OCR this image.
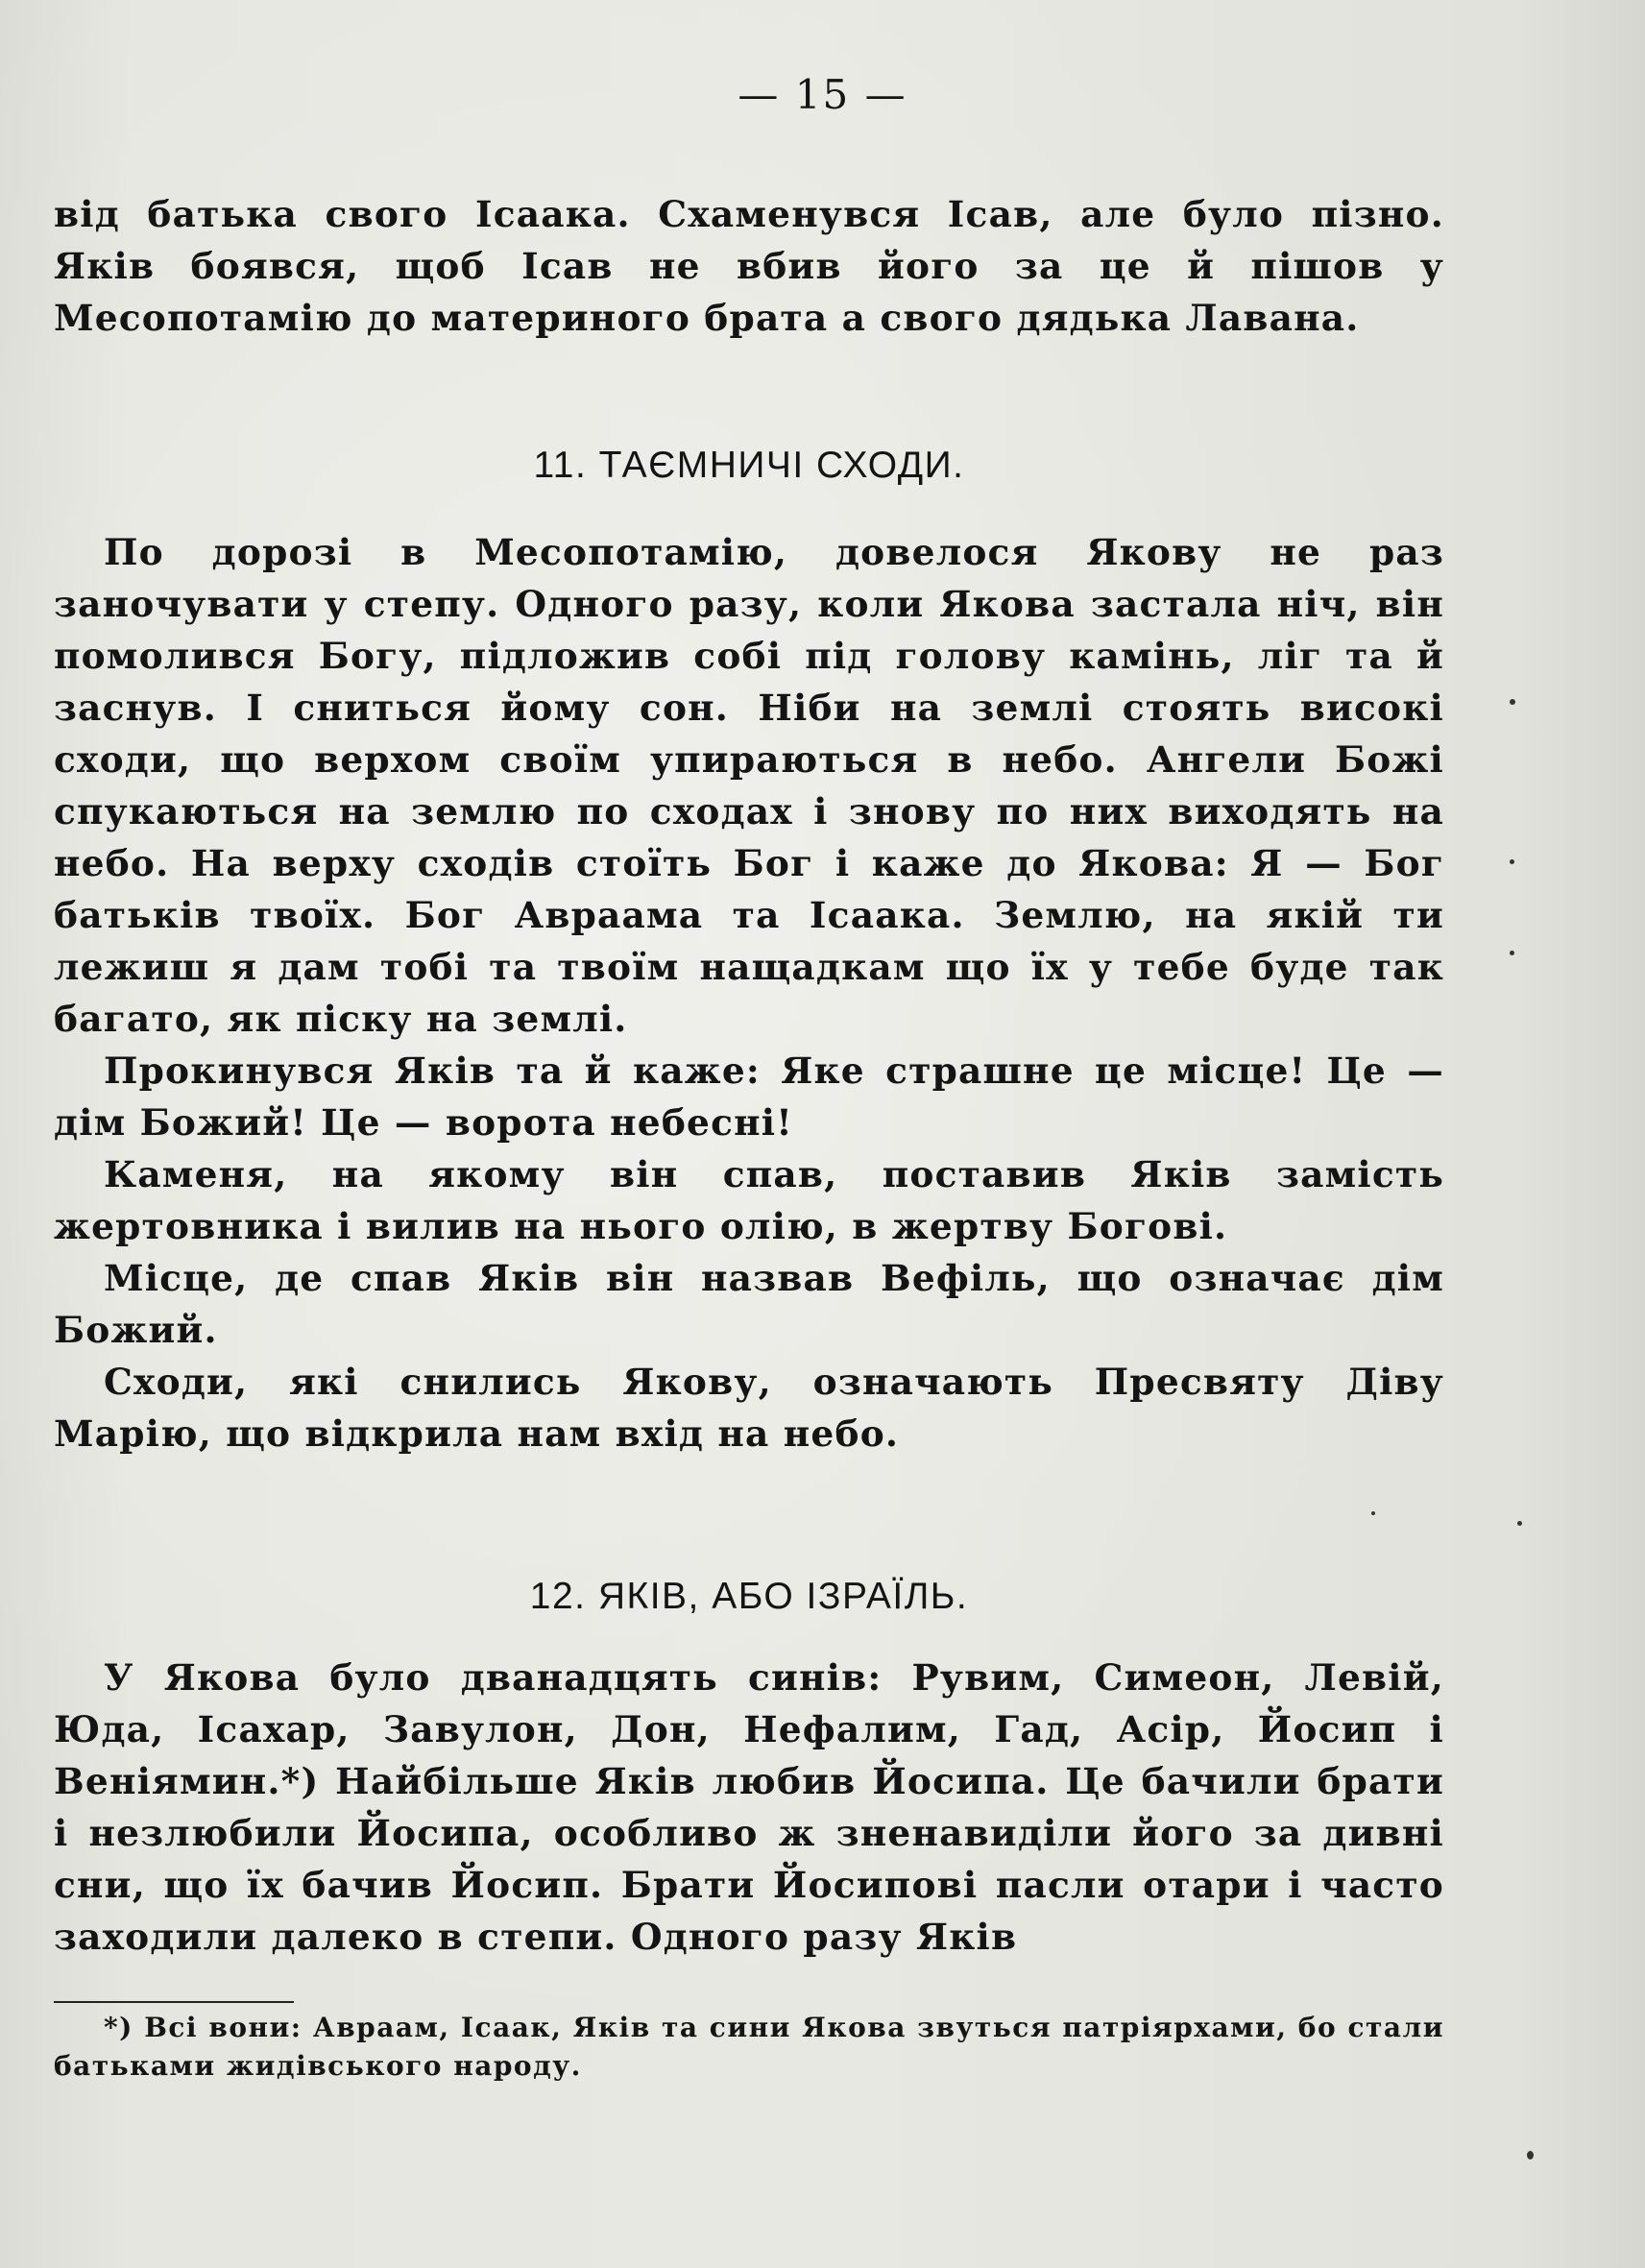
— 15 —

від батька свого Ісаака. Схаменувся Ісав, але було пізно. Яків боявся, щоб Ісав не вбив його за це й пішов у Месопотамію до материного брата а свого дядька Лавана.

11. ТАЄМНИЧІ СХОДИ.

По дорозі в Месопотамію, довелося Якову не раз заночувати у степу. Одного разу, коли Якова застала ніч, він помолився Богу, підложив собі під голову камінь, ліг та й заснув. І сниться йому сон. Ніби на землі стоять високі сходи, що верхом своїм упираються в небо. Ангели Божі спукаються на землю по сходах і знову по них виходять на небо. На верху сходів стоїть Бог і каже до Якова: Я — Бог батьків твоїх. Бог Авраама та Ісаака. Землю, на якій ти лежиш я дам тобі та твоїм нащадкам що їх у тебе буде так багато, як піску на землі.

Прокинувся Яків та й каже: Яке страшне це місце! Це — дім Божий! Це — ворота небесні!

Каменя, на якому він спав, поставив Яків замість жертовника і вилив на нього олію, в жертву Богові.

Місце, де спав Яків він назвав Вефіль, що означає дім Божий.

Сходи, які снились Якову, означають Пресвяту Діву Марію, що відкрила нам вхід на небо.

12. ЯКІВ, АБО ІЗРАЇЛЬ.

У Якова було дванадцять синів: Рувим, Симеон, Левій, Юда, Ісахар, Завулон, Дон, Нефалим, Гад, Асір, Йосип і Веніямин.*) Найбільше Яків любив Йосипа. Це бачили брати і незлюбили Йосипа, особливо ж зненавиділи його за дивні сни, що їх бачив Йосип. Брати Йосипові пасли отари і часто заходили далеко в степи. Одного разу Яків

*) Всі вони: Авраам, Ісаак, Яків та сини Якова звуться патріярхами, бо стали батьками жидівського народу.
